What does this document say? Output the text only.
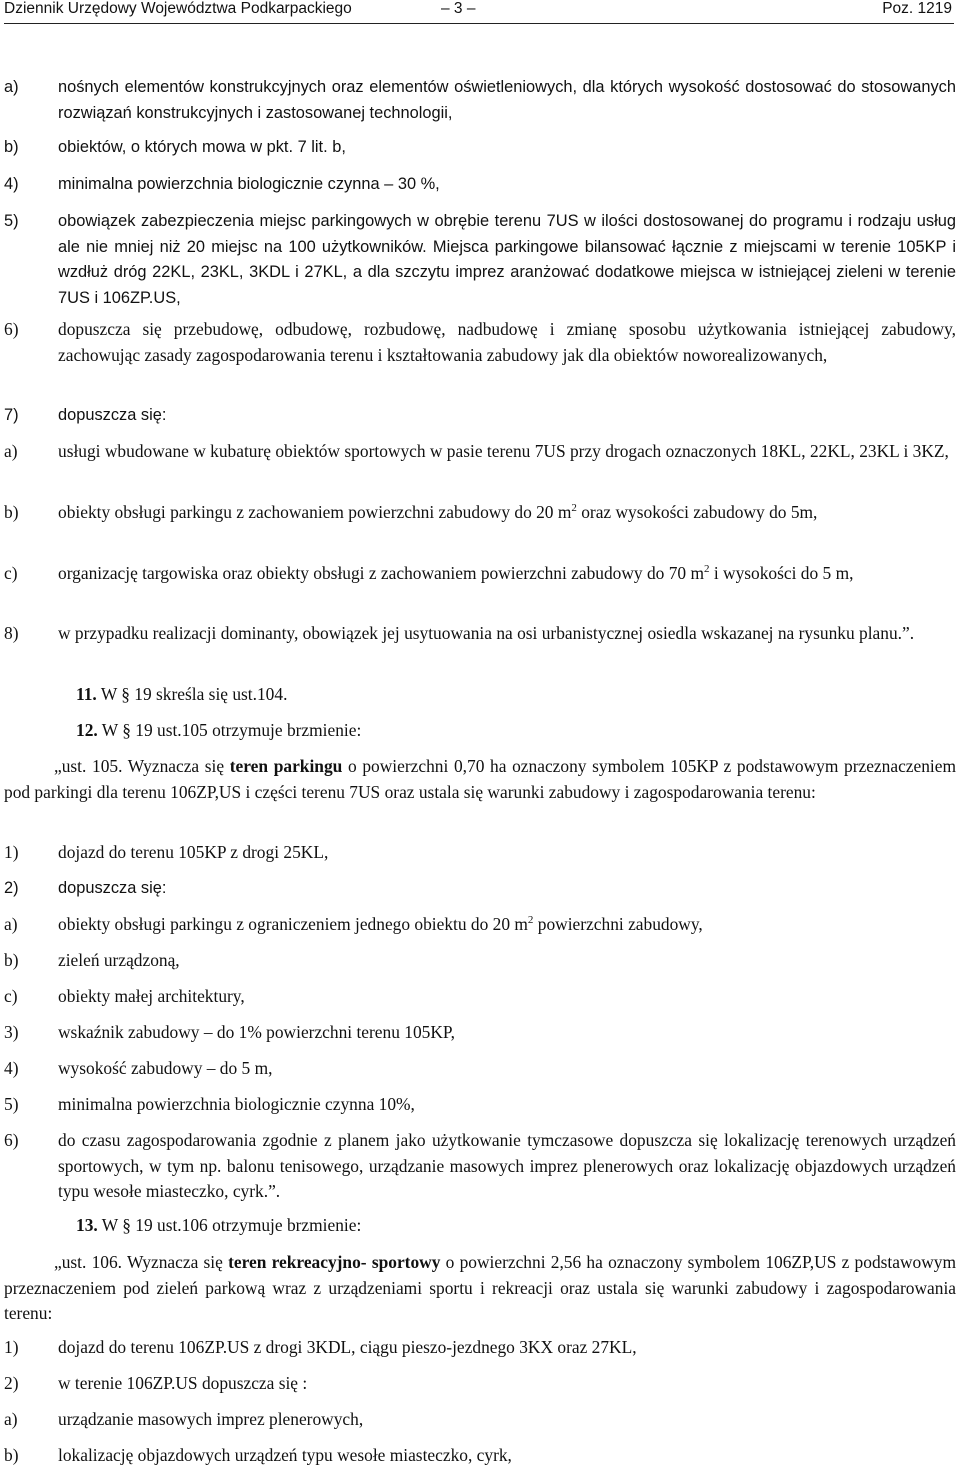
Dziennik Urzędowy Województwa Podkarpackiego	– 3 –	Poz. 1219
a) nośnych elementów konstrukcyjnych oraz elementów oświetleniowych, dla których wysokość dostosować do stosowanych rozwiązań konstrukcyjnych i zastosowanej technologii,
b) obiektów, o których mowa w pkt. 7 lit. b,
4) minimalna powierzchnia biologicznie czynna – 30 %,
5) obowiązek zabezpieczenia miejsc parkingowych w obrębie terenu 7US w ilości dostosowanej do programu i rodzaju usług ale nie mniej niż 20 miejsc na 100 użytkowników. Miejsca parkingowe bilansować łącznie z miejscami w terenie 105KP i wzdłuż dróg 22KL, 23KL, 3KDL i 27KL, a dla szczytu imprez aranżować dodatkowe miejsca w istniejącej zieleni w terenie 7US i 106ZP.US,
6) dopuszcza się przebudowę, odbudowę, rozbudowę, nadbudowę i zmianę sposobu użytkowania istniejącej zabudowy, zachowując zasady zagospodarowania terenu i kształtowania zabudowy jak dla obiektów noworealizowanych,
7) dopuszcza się:
a) usługi wbudowane w kubaturę obiektów sportowych w pasie terenu 7US przy drogach oznaczonych 18KL, 22KL, 23KL i 3KZ,
b) obiekty obsługi parkingu z zachowaniem powierzchni zabudowy do 20 $m^2$ oraz wysokości zabudowy do 5m,
c) organizację targowiska oraz obiekty obsługi z zachowaniem powierzchni zabudowy do 70 $m^2$ i wysokości do 5 m,
8) w przypadku realizacji dominanty, obowiązek jej usytuowania na osi urbanistycznej osiedla wskazanej na rysunku planu.”.
11. W § 19 skreśla się ust.104.
12. W § 19 ust.105 otrzymuje brzmienie:
„ust. 105. Wyznacza się teren parkingu o powierzchni 0,70 ha oznaczony symbolem 105KP z podstawowym przeznaczeniem pod parkingi dla terenu 106ZP,US i części terenu 7US oraz ustala się warunki zabudowy i zagospodarowania terenu:
1) dojazd do terenu 105KP z drogi 25KL,
2) dopuszcza się:
a) obiekty obsługi parkingu z ograniczeniem jednego obiektu do 20 $m^2$ powierzchni zabudowy,
b) zieleń urządzoną,
c) obiekty małej architektury,
3) wskaźnik zabudowy – do 1% powierzchni terenu 105KP,
4) wysokość zabudowy – do 5 m,
5) minimalna powierzchnia biologicznie czynna 10%,
6) do czasu zagospodarowania zgodnie z planem jako użytkowanie tymczasowe dopuszcza się lokalizację terenowych urządzeń sportowych, w tym np. balonu tenisowego, urządzanie masowych imprez plenerowych oraz lokalizację objazdowych urządzeń typu wesołe miasteczko, cyrk.”.
13. W § 19 ust.106 otrzymuje brzmienie:
„ust. 106. Wyznacza się teren rekreacyjno- sportowy o powierzchni 2,56 ha oznaczony symbolem 106ZP,US z podstawowym przeznaczeniem pod zieleń parkową wraz z urządzeniami sportu i rekreacji oraz ustala się warunki zabudowy i zagospodarowania terenu:
1) dojazd do terenu 106ZP.US z drogi 3KDL, ciągu pieszo-jezdnego 3KX oraz 27KL,
2) w terenie 106ZP.US dopuszcza się :
a) urządzanie masowych imprez plenerowych,
b) lokalizację objazdowych urządzeń typu wesołe miasteczko, cyrk,
